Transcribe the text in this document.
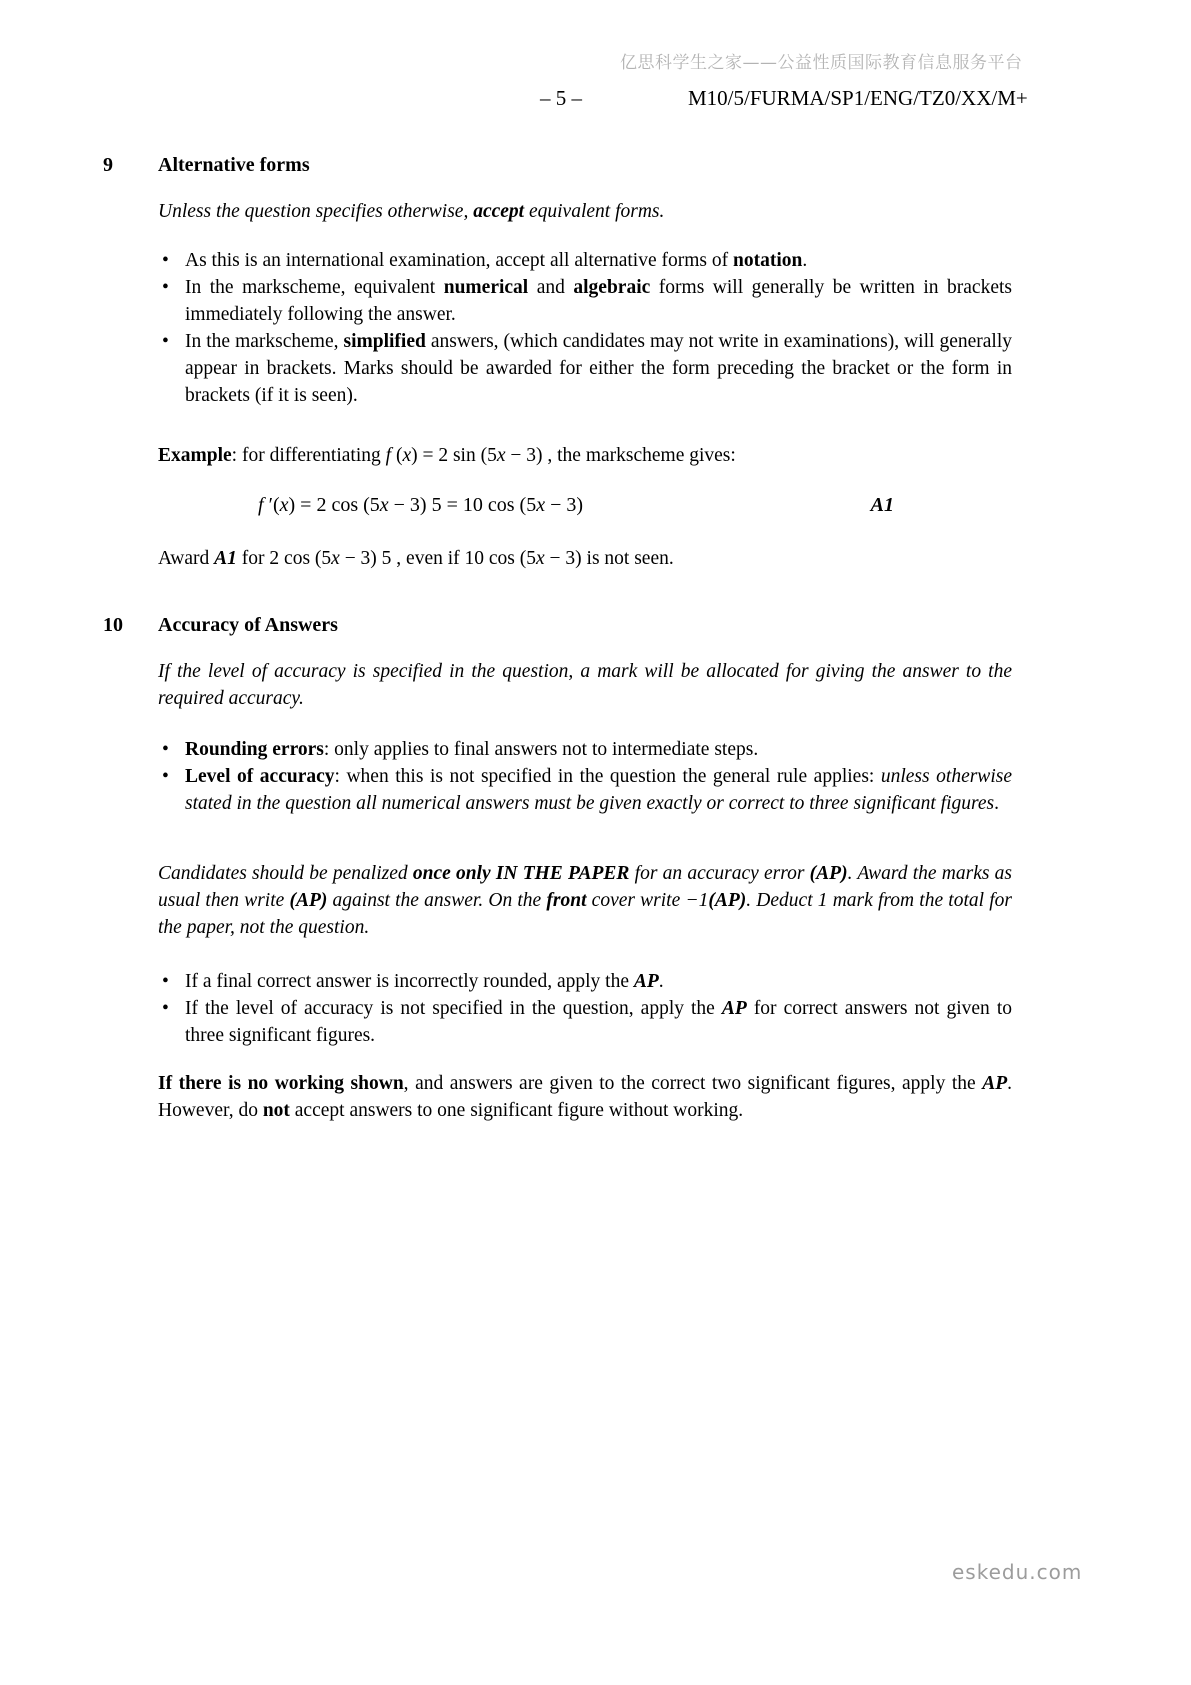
亿思科学生之家——公益性质国际教育信息服务平台
– 5 –	M10/5/FURMA/SP1/ENG/TZ0/XX/M+
9	Alternative forms
Unless the question specifies otherwise, accept equivalent forms.
• As this is an international examination, accept all alternative forms of notation.
• In the markscheme, equivalent numerical and algebraic forms will generally be written in brackets immediately following the answer.
• In the markscheme, simplified answers, (which candidates may not write in examinations), will generally appear in brackets. Marks should be awarded for either the form preceding the bracket or the form in brackets (if it is seen).
Example: for differentiating f (x) = 2 sin (5x − 3) , the markscheme gives:
f ′(x) = 2 cos (5x − 3) 5 = 10 cos (5x − 3)	A1
Award A1 for 2 cos (5x − 3) 5 , even if 10 cos (5x − 3) is not seen.
10	Accuracy of Answers
If the level of accuracy is specified in the question, a mark will be allocated for giving the answer to the required accuracy.
• Rounding errors: only applies to final answers not to intermediate steps.
• Level of accuracy: when this is not specified in the question the general rule applies: unless otherwise stated in the question all numerical answers must be given exactly or correct to three significant figures.
Candidates should be penalized once only IN THE PAPER for an accuracy error (AP). Award the marks as usual then write (AP) against the answer. On the front cover write −1(AP). Deduct 1 mark from the total for the paper, not the question.
• If a final correct answer is incorrectly rounded, apply the AP.
• If the level of accuracy is not specified in the question, apply the AP for correct answers not given to three significant figures.
If there is no working shown, and answers are given to the correct two significant figures, apply the AP. However, do not accept answers to one significant figure without working.
eskedu.com
